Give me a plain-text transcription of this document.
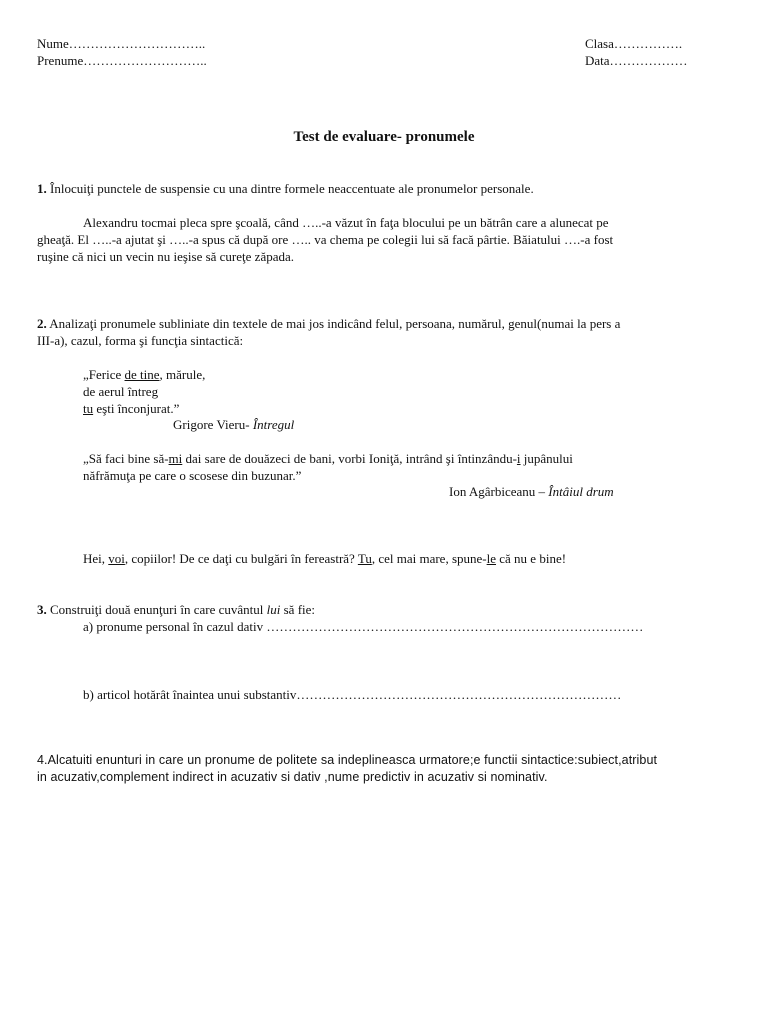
Nume…………………………..
Prenume………………………..
Clasa…………….
Data………………
Test de evaluare- pronumele
1. Înlocuiţi punctele de suspensie cu una dintre formele neaccentuate ale pronumelor personale.
Alexandru tocmai pleca spre şcoală, când …..-a văzut în faţa blocului pe un bătrân care a alunecat pe
gheaţă. El …..-a ajutat şi …..-a spus că după ore ….. va chema pe colegii lui să facă pârtie. Băiatului ….-a fost
ruşine că nici un vecin nu ieşise să cureţe zăpada.
2. Analizaţi pronumele subliniate din textele de mai jos indicând felul, persoana, numărul, genul(numai la pers a
III-a), cazul, forma şi funcţia sintactică:
„Ferice de tine, mărule,
de aerul întreg
tu eşti înconjurat.”
Grigore Vieru- Întregul
„Să faci bine să-mi dai sare de douăzeci de bani, vorbi Ioniţă, intrând şi întinzându-i jupânului
năfrămuţa pe care o scosese din buzunar.”
Ion Agârbiceanu – Întâiul drum
Hei, voi, copiilor! De ce daţi cu bulgări în fereastră? Tu, cel mai mare, spune-le că nu e bine!
3. Construiţi două enunţuri în care cuvântul lui să fie:
a) pronume personal în cazul dativ ……………………………………………………………………………
b) articol hotărât înaintea unui substantiv…………………………………………………………………
4.Alcatuiti enunturi in care un pronume de politete sa indeplineasca urmatore;e functii sintactice:subiect,atribut
in acuzativ,complement indirect in acuzativ si dativ ,nume predictiv in acuzativ si nominativ.
